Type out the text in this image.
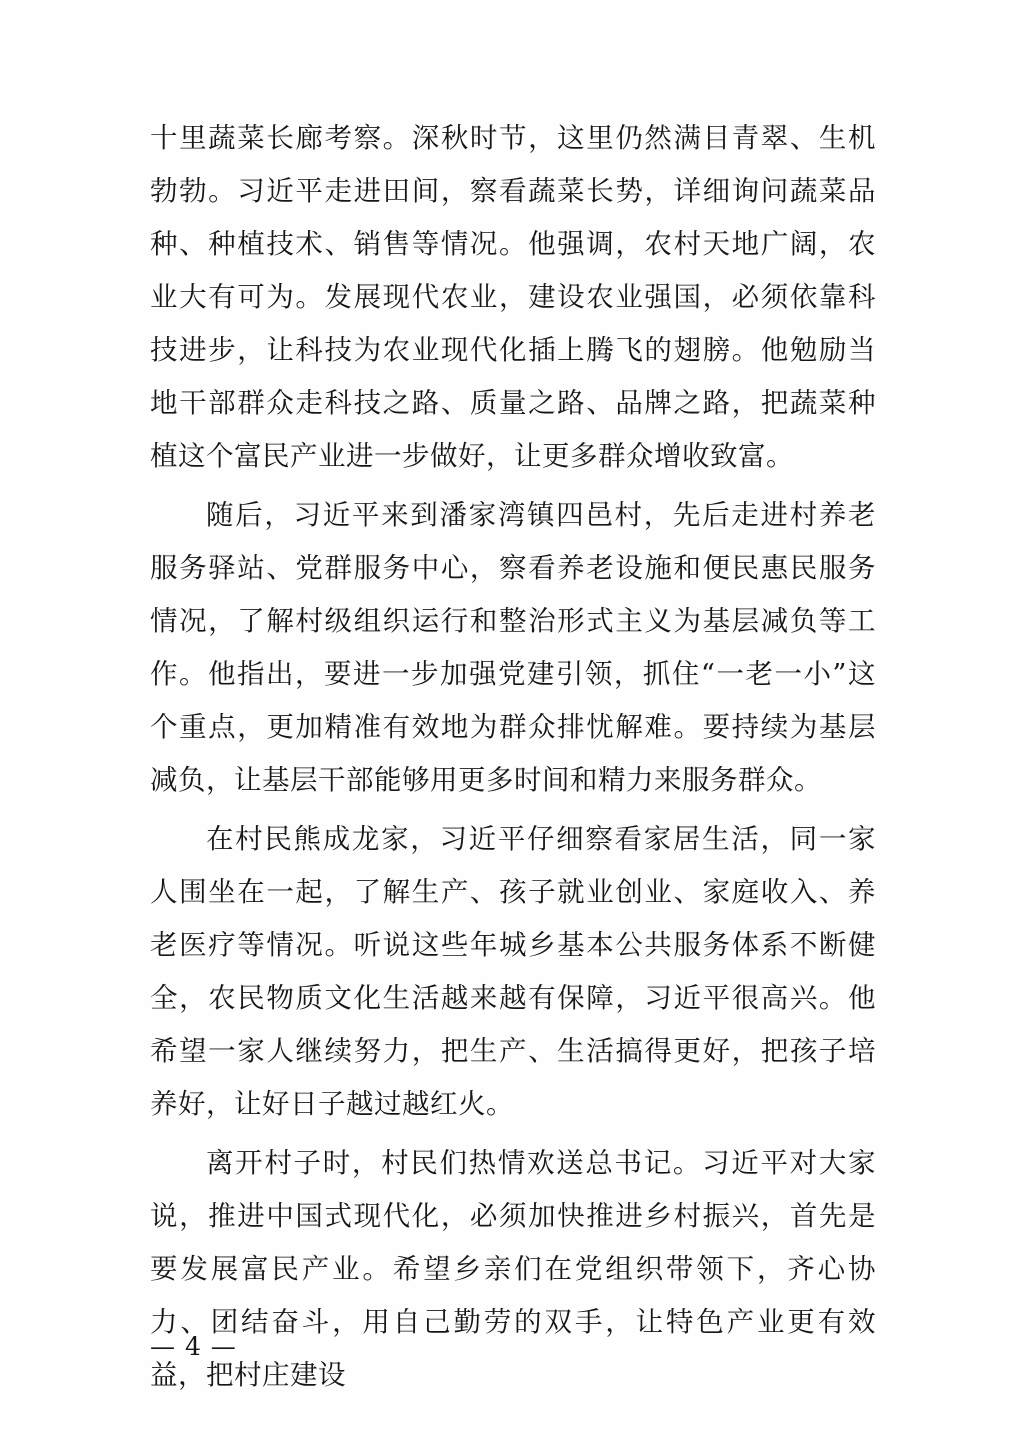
十里蔬菜长廊考察。深秋时节，这里仍然满目青翠、生机勃勃。习近平走进田间，察看蔬菜长势，详细询问蔬菜品种、种植技术、销售等情况。他强调，农村天地广阔，农业大有可为。发展现代农业，建设农业强国，必须依靠科技进步，让科技为农业现代化插上腾飞的翅膀。他勉励当地干部群众走科技之路、质量之路、品牌之路，把蔬菜种植这个富民产业进一步做好，让更多群众增收致富。

随后，习近平来到潘家湾镇四邑村，先后走进村养老服务驿站、党群服务中心，察看养老设施和便民惠民服务情况，了解村级组织运行和整治形式主义为基层减负等工作。他指出，要进一步加强党建引领，抓住“一老一小”这个重点，更加精准有效地为群众排忧解难。要持续为基层减负，让基层干部能够用更多时间和精力来服务群众。

在村民熊成龙家，习近平仔细察看家居生活，同一家人围坐在一起，了解生产、孩子就业创业、家庭收入、养老医疗等情况。听说这些年城乡基本公共服务体系不断健全，农民物质文化生活越来越有保障，习近平很高兴。他希望一家人继续努力，把生产、生活搞得更好，把孩子培养好，让好日子越过越红火。

离开村子时，村民们热情欢送总书记。习近平对大家说，推进中国式现代化，必须加快推进乡村振兴，首先是要发展富民产业。希望乡亲们在党组织带领下，齐心协力、团结奋斗，用自己勤劳的双手，让特色产业更有效益，把村庄建设

— 4 —
